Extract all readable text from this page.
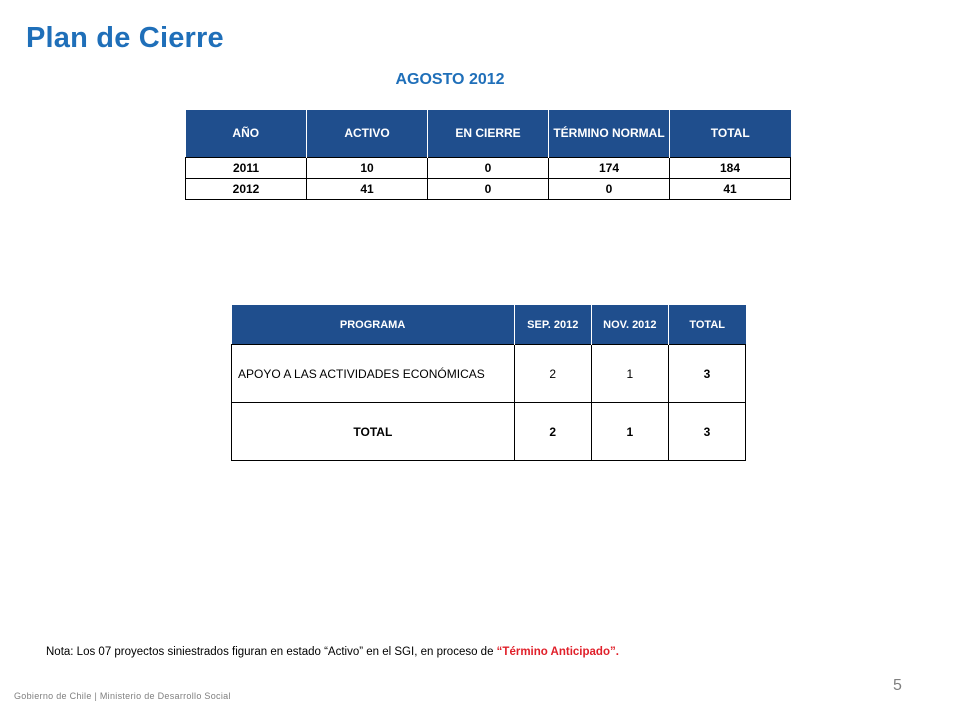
Plan de Cierre
AGOSTO 2012
AÑO	ACTIVO	EN CIERRE	TÉRMINO NORMAL	TOTAL
2011	10	0	174	184
2012	41	0	0	41
PROGRAMA	SEP. 2012	NOV. 2012	TOTAL
APOYO A LAS ACTIVIDADES ECONÓMICAS	2	1	3
TOTAL	2	1	3
Nota: Los 07 proyectos siniestrados figuran en estado “Activo” en el SGI, en proceso de “Término Anticipado”.
Gobierno de Chile | Ministerio de Desarrollo Social
5
